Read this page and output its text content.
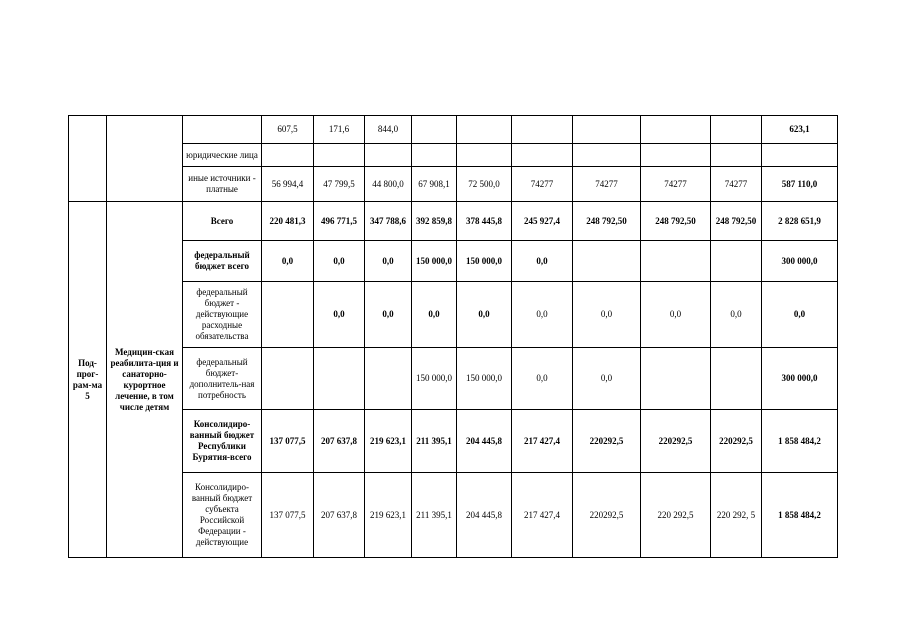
			607,5	171,6	844,0							623,1
		юридические лица										
		иные источники - платные	56 994,4	47 799,5	44 800,0	67 908,1	72 500,0	74277	74277	74277	74277	587 110,0
Под-прог-рам-ма 5	Медицин-ская реабилита-ция и санаторно-курортное лечение, в том числе детям	Всего	220 481,3	496 771,5	347 788,6	392 859,8	378 445,8	245 927,4	248 792,50	248 792,50	248 792,50	2 828 651,9
		федеральный бюджет всего	0,0	0,0	0,0	150 000,0	150 000,0	0,0				300 000,0
		федеральный бюджет - действующие расходные обязательства		0,0	0,0	0,0	0,0	0,0	0,0	0,0	0,0	0,0
		федеральный бюджет- дополнитель-ная потребность				150 000,0	150 000,0	0,0	0,0			300 000,0
		Консолидиро-ванный бюджет Республики Бурятия-всего	137 077,5	207 637,8	219 623,1	211 395,1	204 445,8	217 427,4	220292,5	220292,5	220292,5	1 858 484,2
		Консолидиро-ванный бюджет субъекта Российской Федерации - действующие	137 077,5	207 637,8	219 623,1	211 395,1	204 445,8	217 427,4	220292,5	220 292,5	220 292, 5	1 858 484,2
